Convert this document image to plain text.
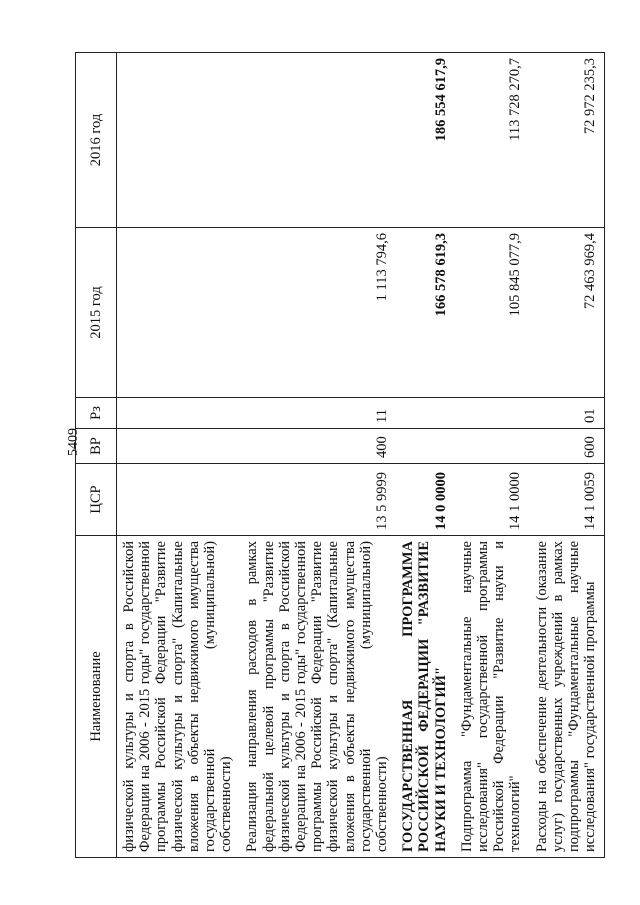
5409
Наименование	ЦСР	ВР	Рз	2015 год	2016 год
физической культуры и спорта в Российской Федерации на 2006 - 2015 годы" государственной программы Российской Федерации "Развитие физической культуры и спорта" (Капитальные вложения в объекты недвижимого имущества государственной (муниципальной) собственности)					
Реализация направления расходов в рамках федеральной целевой программы "Развитие физической культуры и спорта в Российской Федерации на 2006 - 2015 годы" государственной программы Российской Федерации "Развитие физической культуры и спорта" (Капитальные вложения в объекты недвижимого имущества государственной (муниципальной) собственности)	13 5 9999	400	11	1 113 794,6	
ГОСУДАРСТВЕННАЯ ПРОГРАММА РОССИЙСКОЙ ФЕДЕРАЦИИ "РАЗВИТИЕ НАУКИ И ТЕХНОЛОГИЙ"	14 0 0000			166 578 619,3	186 554 617,9
Подпрограмма "Фундаментальные научные исследования" государственной программы Российской Федерации "Развитие науки и технологий"	14 1 0000			105 845 077,9	113 728 270,7
Расходы на обеспечение деятельности (оказание услуг) государственных учреждений в рамках подпрограммы "Фундаментальные научные исследования" государственной программы	14 1 0059	600	01	72 463 969,4	72 972 235,3
